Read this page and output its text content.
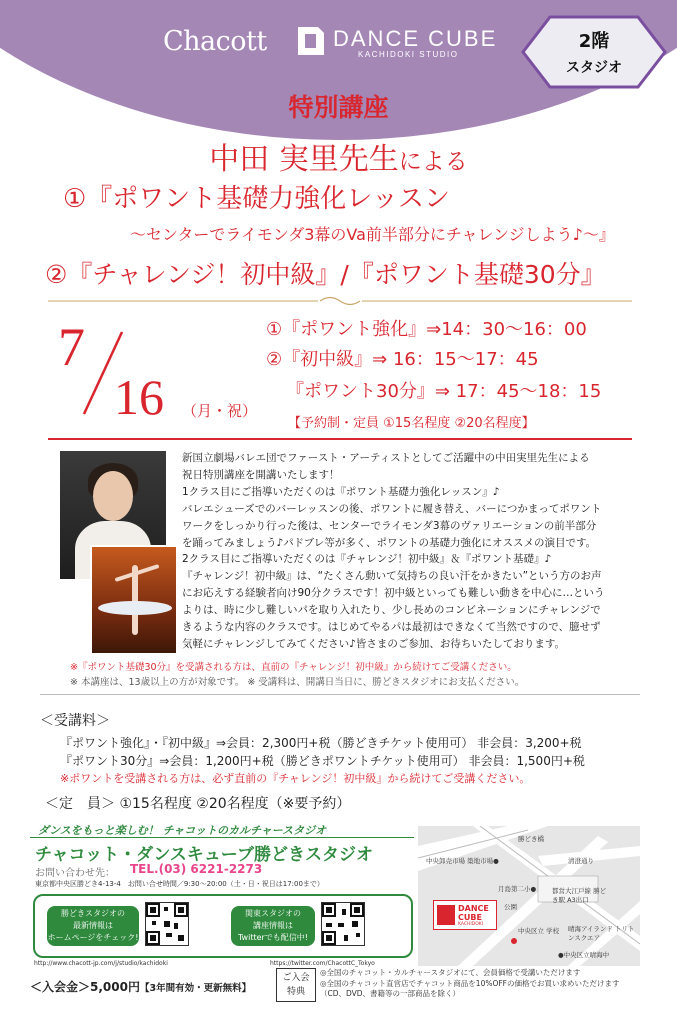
Chacott	DANCE CUBE
KACHIDOKI STUDIO
2階
スタジオ
特別講座
中田 実里先生による
①『ポワント基礎力強化レッスン
～センターでライモンダ3幕のVa前半部分にチャレンジしよう♪～』
②『チャレンジ！初中級』/『ポワント基礎30分』
7
16 （月・祝）
①『ポワント強化』⇒14：30～16：00
②『初中級』⇒ 16：15～17：45
『ポワント30分』⇒ 17：45～18：15
【予約制・定員 ①15名程度 ②20名程度】
新国立劇場バレエ団でファースト・アーティストとしてご活躍中の中田実里先生による
祝日特別講座を開講いたします！
1クラス目にご指導いただくのは『ポワント基礎力強化レッスン』♪
バレエシューズでのバーレッスンの後、ポワントに履き替え、バーにつかまってポワント
ワークをしっかり行った後は、センターでライモンダ3幕のヴァリエーションの前半部分
を踊ってみましょう♪パドブレ等が多く、ポワントの基礎力強化にオススメの演目です。
2クラス目にご指導いただくのは『チャレンジ！初中級』＆『ポワント基礎』♪
『チャレンジ！初中級』は、“たくさん動いて気持ちの良い汗をかきたい”という方のお声
にお応えする経験者向け90分クラスです！初中級といっても難しい動きを中心に…という
よりは、時に少し難しいパを取り入れたり、少し長めのコンビネーションにチャレンジで
きるような内容のクラスです。はじめてやるパは最初はできなくて当然ですので、臆せず
気軽にチャレンジしてみてください♪皆さまのご参加、お待ちいたしております。
※『ポワント基礎30分』を受講される方は、直前の『チャレンジ！初中級』から続けてご受講ください。
※ 本講座は、13歳以上の方が対象です。 ※ 受講料は、開講日当日に、勝どきスタジオにお支払ください。
＜受講料＞
『ポワント強化』・『初中級』⇒会員：2,300円+税（勝どきチケット使用可） 非会員：3,200+税
『ポワント30分』⇒会員：1,200円+税（勝どきポワントチケット使用可） 非会員：1,500円+税
※ポワントを受講される方は、必ず直前の『チャレンジ！初中級』から続けてご受講ください。
＜定　員＞ ①15名程度 ②20名程度（※要予約）
ダンスをもっと楽しむ！ チャコットのカルチャースタジオ
チャコット・ダンスキューブ勝どきスタジオ
お問い合わせ先： TEL.(03) 6221-2273
東京都中央区勝どき4-13-4　お問い合せ時間／9:30～20:00（土・日・祝日は17:00まで）
勝どきスタジオの
最新情報は
ホームページをチェック!
関東スタジオの
講座情報は
Twitterでも配信中!
http://www.chacott-jp.com/j/studio/kachidoki	https://twitter.com/ChacottC_Tokyo
中央卸売市場 築地市場●
勝どき橋
清澄通り
月島第二小●
公園
都営大江戸線 勝どき駅 A3出口
晴海アイランド トリトンスクエア
中央区立 学校
●中央区立晴海中
DANCE
CUBE
KACHIDOKI
＜入会金＞5,000円【3年間有効・更新無料】
ご入会
特典
◎全国のチャコット・カルチャースタジオにて、会員価格で受講いただけます
◎全国のチャコット直営店でチャコット商品を10%OFFの価格でお買い求めいただけます
（CD、DVD、書籍等の一部商品を除く）
